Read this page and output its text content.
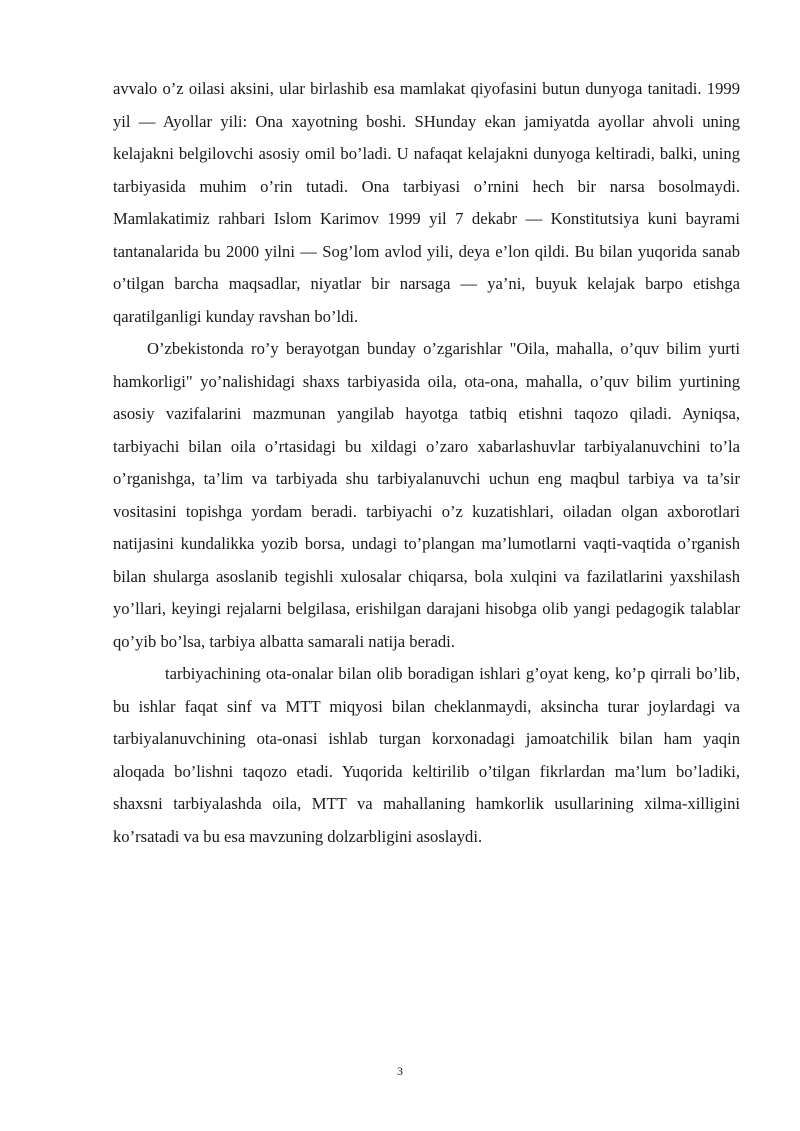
avvalo o’z oilasi aksini, ular birlashib esa mamlakat qiyofasini butun dunyoga tanitadi. 1999 yil — Ayollar yili: Ona xayotning boshi. SHunday ekan jamiyatda ayollar ahvoli uning kelajakni belgilovchi asosiy omil bo’ladi. U nafaqat kelajakni dunyoga keltiradi, balki, uning tarbiyasida muhim o’rin tutadi. Ona tarbiyasi o’rnini hech bir narsa bosolmaydi. Mamlakatimiz rahbari Islom Karimov 1999 yil 7 dekabr — Konstitutsiya kuni bayrami tantanalarida bu 2000 yilni — Sog’lom avlod yili, deya e’lon qildi. Bu bilan yuqorida sanab o’tilgan barcha maqsadlar, niyatlar bir narsaga — ya’ni, buyuk kelajak barpo etishga qaratilganligi kunday ravshan bo’ldi.

O’zbekistonda ro’y berayotgan bunday o’zgarishlar "Oila, mahalla, o’quv bilim yurti hamkorligi" yo’nalishidagi shaxs tarbiyasida oila, ota-ona, mahalla, o’quv bilim yurtining asosiy vazifalarini mazmunan yangilab hayotga tatbiq etishni taqozo qiladi. Ayniqsa, tarbiyachi bilan oila o’rtasidagi bu xildagi o’zaro xabarlashuvlar tarbiyalanuvchini to’la o’rganishga, ta’lim va tarbiyada shu tarbiyalanuvchi uchun eng maqbul tarbiya va ta’sir vositasini topishga yordam beradi. tarbiyachi o’z kuzatishlari, oiladan olgan axborotlari natijasini kundalikka yozib borsa, undagi to’plangan ma’lumotlarni vaqti-vaqtida o’rganish bilan shularga asoslanib tegishli xulosalar chiqarsa, bola xulqini va fazilatlarini yaxshilash yo’llari, keyingi rejalarni belgilasa, erishilgan darajani hisobga olib yangi pedagogik talablar qo’yib bo’lsa, tarbiya albatta samarali natija beradi.

tarbiyachining ota-onalar bilan olib boradigan ishlari g’oyat keng, ko’p qirrali bo’lib, bu ishlar faqat sinf va MTT miqyosi bilan cheklanmaydi, aksincha turar joylardagi va tarbiyalanuvchining ota-onasi ishlab turgan korxonadagi jamoatchilik bilan ham yaqin aloqada bo’lishni taqozo etadi. Yuqorida keltirilib o’tilgan fikrlardan ma’lum bo’ladiki, shaxsni tarbiyalashda oila, MTT va mahallaning hamkorlik usullarining xilma-xilligini ko’rsatadi va bu esa mavzuning dolzarbligini asoslaydi.

3
